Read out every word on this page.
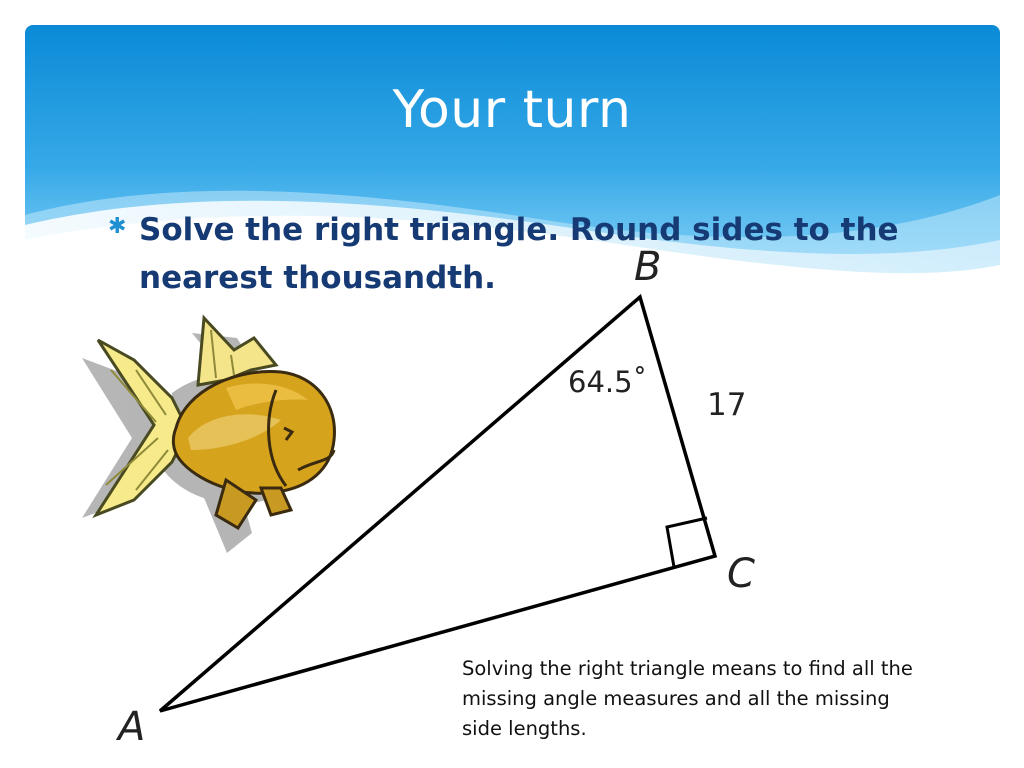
Your turn
✱ Solve the right triangle. Round sides to the
nearest thousandth.	B
C
A
64.5˚
17
Solving the right triangle means to find all the
missing angle measures and all the missing
side lengths.
